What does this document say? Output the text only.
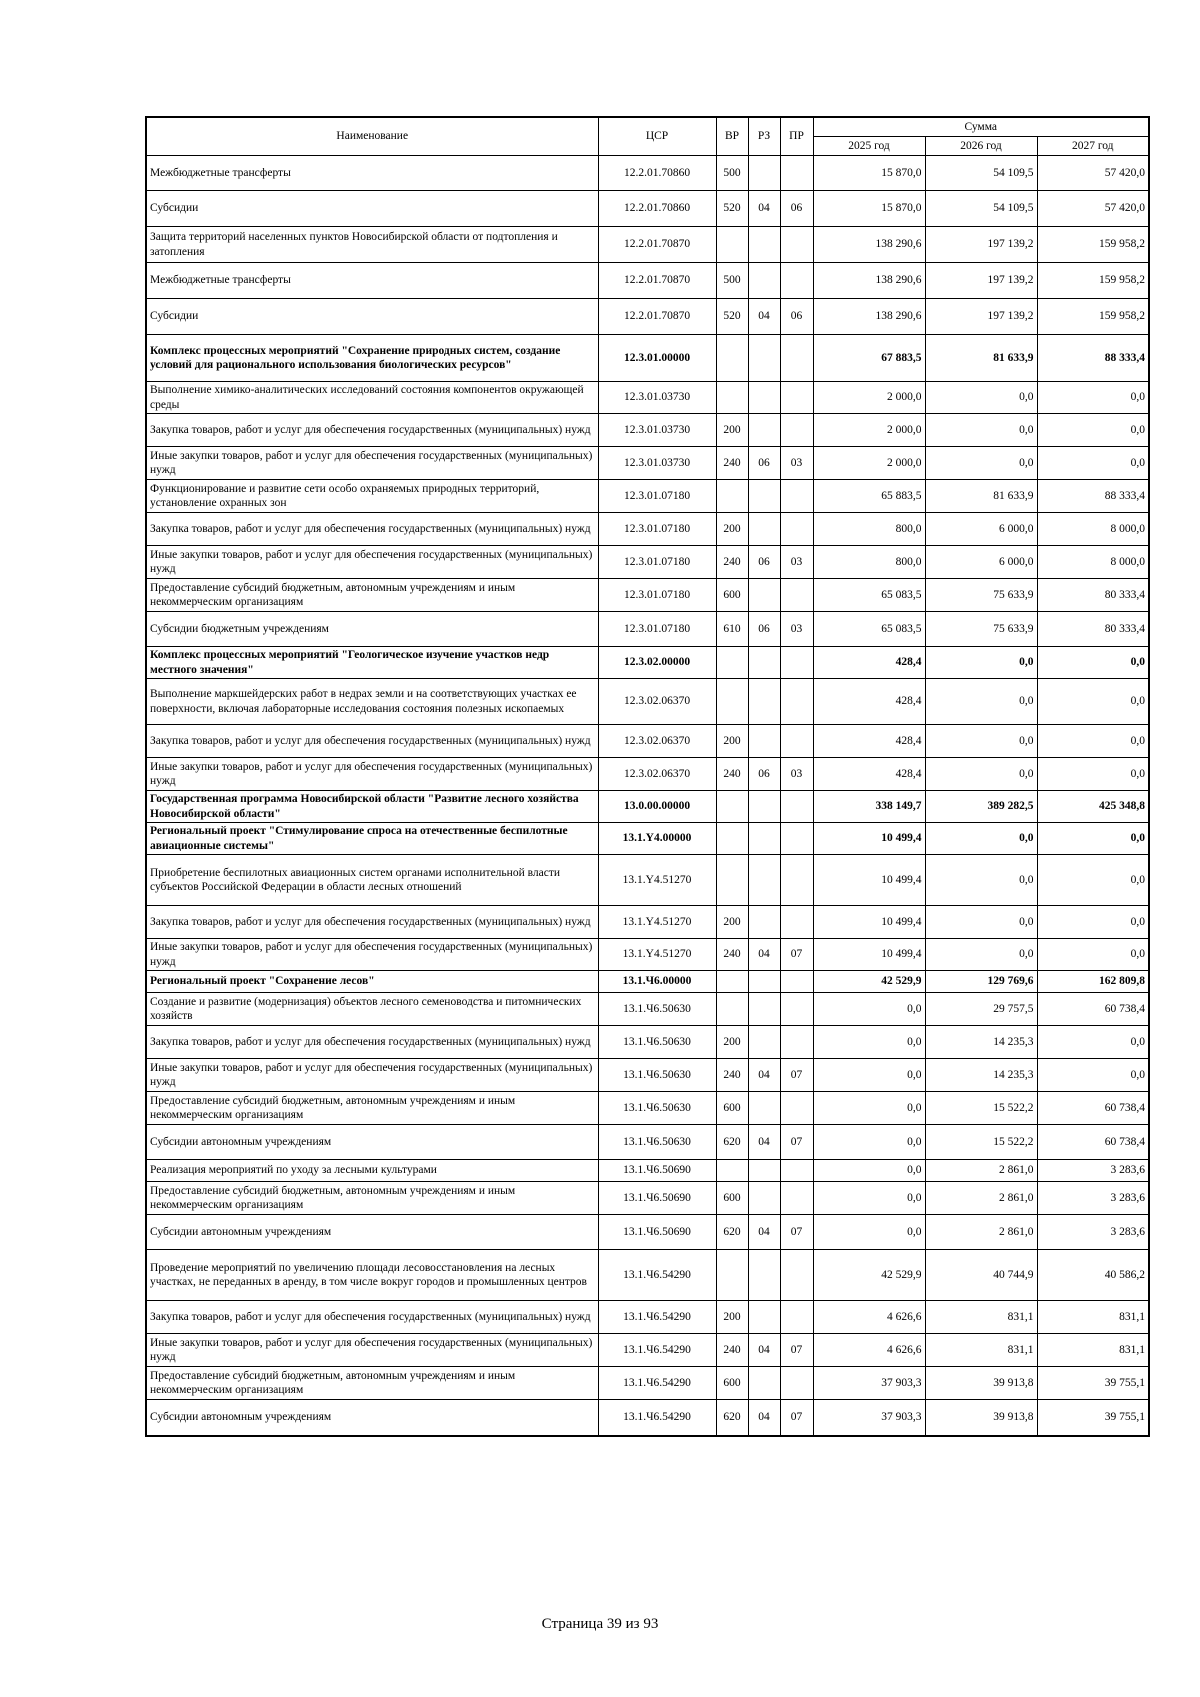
Наименование	ЦСР	ВР	РЗ	ПР	Сумма		
					2025 год	2026 год	2027 год
Межбюджетные трансферты	12.2.01.70860	500			15 870,0	54 109,5	57 420,0
Субсидии	12.2.01.70860	520	04	06	15 870,0	54 109,5	57 420,0
Защита территорий населенных пунктов Новосибирской области от подтопления и затопления	12.2.01.70870				138 290,6	197 139,2	159 958,2
Межбюджетные трансферты	12.2.01.70870	500			138 290,6	197 139,2	159 958,2
Субсидии	12.2.01.70870	520	04	06	138 290,6	197 139,2	159 958,2
Комплекс процессных мероприятий "Сохранение природных систем, создание условий для рационального использования биологических ресурсов"	12.3.01.00000				67 883,5	81 633,9	88 333,4
Выполнение химико-аналитических исследований состояния компонентов окружающей среды	12.3.01.03730				2 000,0	0,0	0,0
Закупка товаров, работ и услуг для обеспечения государственных (муниципальных) нужд	12.3.01.03730	200			2 000,0	0,0	0,0
Иные закупки товаров, работ и услуг для обеспечения государственных (муниципальных) нужд	12.3.01.03730	240	06	03	2 000,0	0,0	0,0
Функционирование и развитие сети особо охраняемых природных территорий, установление охранных зон	12.3.01.07180				65 883,5	81 633,9	88 333,4
Закупка товаров, работ и услуг для обеспечения государственных (муниципальных) нужд	12.3.01.07180	200			800,0	6 000,0	8 000,0
Иные закупки товаров, работ и услуг для обеспечения государственных (муниципальных) нужд	12.3.01.07180	240	06	03	800,0	6 000,0	8 000,0
Предоставление субсидий бюджетным, автономным учреждениям и иным некоммерческим организациям	12.3.01.07180	600			65 083,5	75 633,9	80 333,4
Субсидии бюджетным учреждениям	12.3.01.07180	610	06	03	65 083,5	75 633,9	80 333,4
Комплекс процессных мероприятий "Геологическое изучение участков недр местного значения"	12.3.02.00000				428,4	0,0	0,0
Выполнение маркшейдерских работ в недрах земли и на соответствующих участках ее поверхности, включая лабораторные исследования состояния полезных ископаемых	12.3.02.06370				428,4	0,0	0,0
Закупка товаров, работ и услуг для обеспечения государственных (муниципальных) нужд	12.3.02.06370	200			428,4	0,0	0,0
Иные закупки товаров, работ и услуг для обеспечения государственных (муниципальных) нужд	12.3.02.06370	240	06	03	428,4	0,0	0,0
Государственная программа Новосибирской области "Развитие лесного хозяйства Новосибирской области"	13.0.00.00000				338 149,7	389 282,5	425 348,8
Региональный проект "Стимулирование спроса на отечественные беспилотные авиационные системы"	13.1.Y4.00000				10 499,4	0,0	0,0
Приобретение беспилотных авиационных систем органами исполнительной власти субъектов Российской Федерации в области лесных отношений	13.1.Y4.51270				10 499,4	0,0	0,0
Закупка товаров, работ и услуг для обеспечения государственных (муниципальных) нужд	13.1.Y4.51270	200			10 499,4	0,0	0,0
Иные закупки товаров, работ и услуг для обеспечения государственных (муниципальных) нужд	13.1.Y4.51270	240	04	07	10 499,4	0,0	0,0
Региональный проект "Сохранение лесов"	13.1.Ч6.00000				42 529,9	129 769,6	162 809,8
Создание и развитие (модернизация) объектов лесного семеноводства и питомнических хозяйств	13.1.Ч6.50630				0,0	29 757,5	60 738,4
Закупка товаров, работ и услуг для обеспечения государственных (муниципальных) нужд	13.1.Ч6.50630	200			0,0	14 235,3	0,0
Иные закупки товаров, работ и услуг для обеспечения государственных (муниципальных) нужд	13.1.Ч6.50630	240	04	07	0,0	14 235,3	0,0
Предоставление субсидий бюджетным, автономным учреждениям и иным некоммерческим организациям	13.1.Ч6.50630	600			0,0	15 522,2	60 738,4
Субсидии автономным учреждениям	13.1.Ч6.50630	620	04	07	0,0	15 522,2	60 738,4
Реализация мероприятий по уходу за лесными культурами	13.1.Ч6.50690				0,0	2 861,0	3 283,6
Предоставление субсидий бюджетным, автономным учреждениям и иным некоммерческим организациям	13.1.Ч6.50690	600			0,0	2 861,0	3 283,6
Субсидии автономным учреждениям	13.1.Ч6.50690	620	04	07	0,0	2 861,0	3 283,6
Проведение мероприятий по увеличению площади лесовосстановления на лесных участках, не переданных в аренду, в том числе вокруг городов и промышленных центров	13.1.Ч6.54290				42 529,9	40 744,9	40 586,2
Закупка товаров, работ и услуг для обеспечения государственных (муниципальных) нужд	13.1.Ч6.54290	200			4 626,6	831,1	831,1
Иные закупки товаров, работ и услуг для обеспечения государственных (муниципальных) нужд	13.1.Ч6.54290	240	04	07	4 626,6	831,1	831,1
Предоставление субсидий бюджетным, автономным учреждениям и иным некоммерческим организациям	13.1.Ч6.54290	600			37 903,3	39 913,8	39 755,1
Субсидии автономным учреждениям	13.1.Ч6.54290	620	04	07	37 903,3	39 913,8	39 755,1
Страница 39 из 93
